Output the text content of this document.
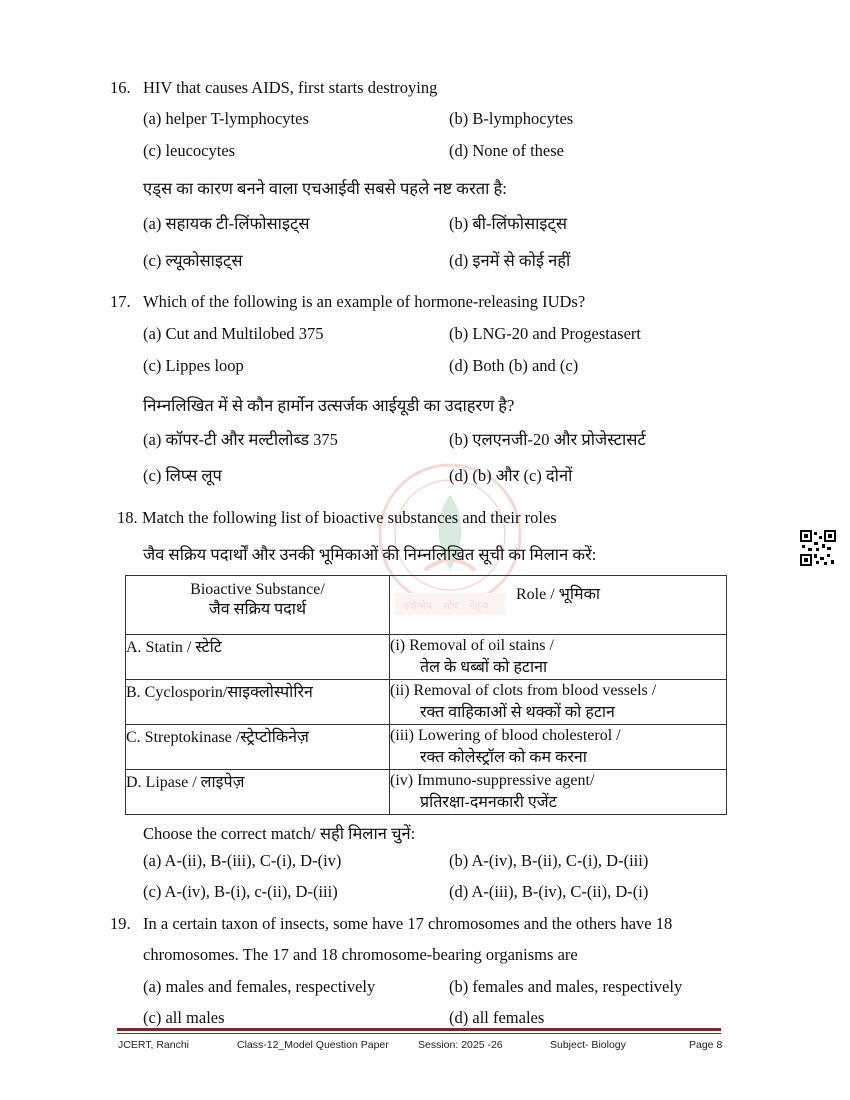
नवोन्मेष शोध नेतृत्व
16. HIV that causes AIDS, first starts destroying
(a) helper T-lymphocytes	(b) B-lymphocytes
(c) leucocytes	(d) None of these
एड्स का कारण बनने वाला एचआईवी सबसे पहले नष्ट करता है:
(a) सहायक टी-लिंफोसाइट्स	(b) बी-लिंफोसाइट्स
(c) ल्यूकोसाइट्स	(d) इनमें से कोई नहीं
17. Which of the following is an example of hormone-releasing IUDs?
(a) Cut and Multilobed 375	(b) LNG-20 and Progestasert
(c) Lippes loop	(d) Both (b) and (c)
निम्नलिखित में से कौन हार्मोन उत्सर्जक आईयूडी का उदाहरण है?
(a) कॉपर-टी और मल्टीलोब्ड 375	(b) एलएनजी-20 और प्रोजेस्टासर्ट
(c) लिप्स लूप	(d) (b) और (c) दोनों
18. Match the following list of bioactive substances and their roles
जैव सक्रिय पदार्थों और उनकी भूमिकाओं की निम्नलिखित सूची का मिलान करें:
Bioactive Substance/
जैव सक्रिय पदार्थ	Role / भूमिका
A. Statin / स्टेटि	(i) Removal of oil stains /
तेल के धब्बों को हटाना

B. Cyclosporin/साइक्लोस्पोरिन	(ii) Removal of clots from blood vessels /
रक्त वाहिकाओं से थक्कों को हटान

C. Streptokinase /स्ट्रेप्टोकिनेज़	(iii) Lowering of blood cholesterol /
रक्त कोलेस्ट्रॉल को कम करना

D. Lipase / लाइपेज़	(iv) Immuno-suppressive agent/
प्रतिरक्षा-दमनकारी एजेंट
Choose the correct match/ सही मिलान चुनें:
(a) A-(ii), B-(iii), C-(i), D-(iv)	(b) A-(iv), B-(ii), C-(i), D-(iii)
(c) A-(iv), B-(i), c-(ii), D-(iii)	(d) A-(iii), B-(iv), C-(ii), D-(i)
19. In a certain taxon of insects, some have 17 chromosomes and the others have 18
chromosomes. The 17 and 18 chromosome-bearing organisms are
(a) males and females, respectively	(b) females and males, respectively
(c) all males	(d) all females
JCERT, Ranchi	Class-12_Model Question Paper	Session: 2025 -26	Subject- Biology	Page 8
